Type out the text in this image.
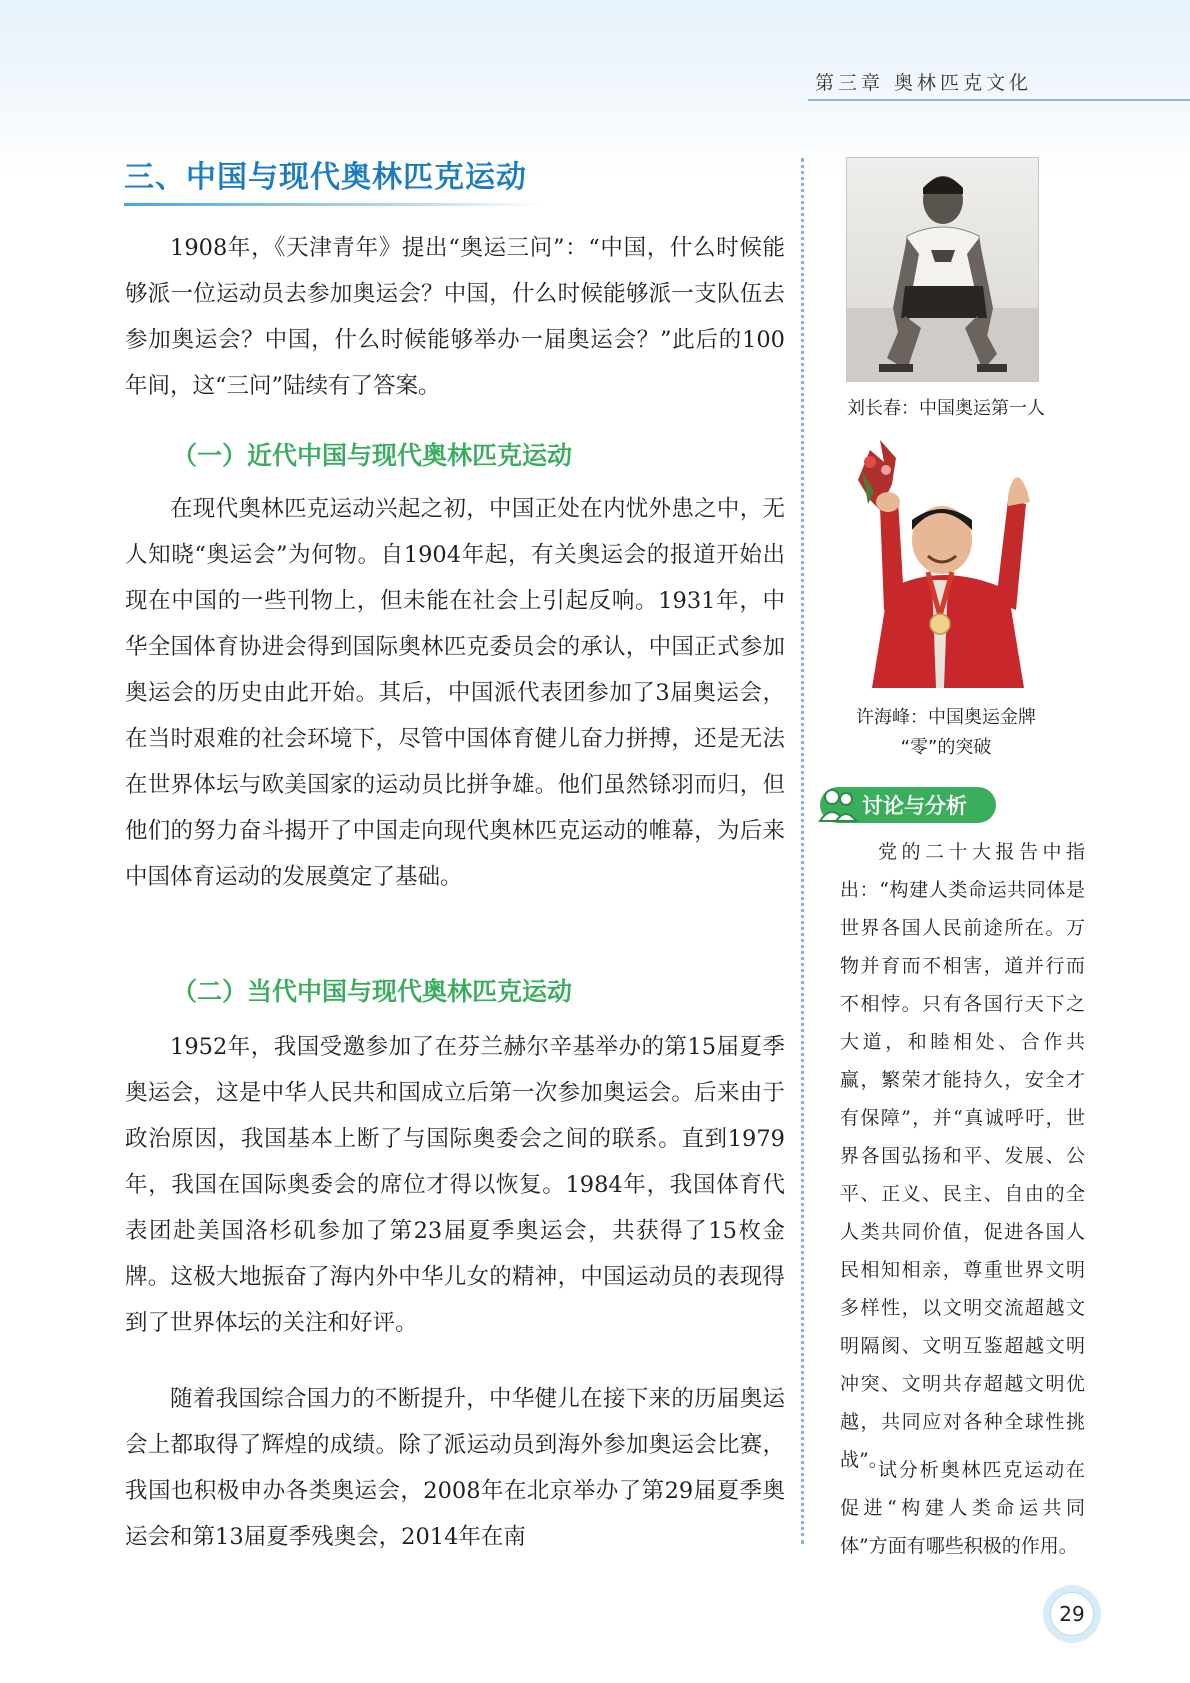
第三章 奥林匹克文化
三、中国与现代奥林匹克运动

1908年，《天津青年》提出“奥运三问”：“中国，什么时候能够派一位运动员去参加奥运会？中国，什么时候能够派一支队伍去参加奥运会？中国，什么时候能够举办一届奥运会？”此后的100年间，这“三问”陆续有了答案。

（一）近代中国与现代奥林匹克运动

在现代奥林匹克运动兴起之初，中国正处在内忧外患之中，无人知晓“奥运会”为何物。自1904年起，有关奥运会的报道开始出现在中国的一些刊物上，但未能在社会上引起反响。1931年，中华全国体育协进会得到国际奥林匹克委员会的承认，中国正式参加奥运会的历史由此开始。其后，中国派代表团参加了3届奥运会，在当时艰难的社会环境下，尽管中国体育健儿奋力拼搏，还是无法在世界体坛与欧美国家的运动员比拼争雄。他们虽然铩羽而归，但他们的努力奋斗揭开了中国走向现代奥林匹克运动的帷幕，为后来中国体育运动的发展奠定了基础。

（二）当代中国与现代奥林匹克运动

1952年，我国受邀参加了在芬兰赫尔辛基举办的第15届夏季奥运会，这是中华人民共和国成立后第一次参加奥运会。后来由于政治原因，我国基本上断了与国际奥委会之间的联系。直到1979年，我国在国际奥委会的席位才得以恢复。1984年，我国体育代表团赴美国洛杉矶参加了第23届夏季奥运会，共获得了15枚金牌。这极大地振奋了海内外中华儿女的精神，中国运动员的表现得到了世界体坛的关注和好评。

随着我国综合国力的不断提升，中华健儿在接下来的历届奥运会上都取得了辉煌的成绩。除了派运动员到海外参加奥运会比赛，我国也积极申办各类奥运会，2008年在北京举办了第29届夏季奥运会和第13届夏季残奥会，2014年在南

刘长春：中国奥运第一人
许海峰：中国奥运金牌
“零”的突破
讨论与分析

党的二十大报告中指出：“构建人类命运共同体是世界各国人民前途所在。万物并育而不相害，道并行而不相悖。只有各国行天下之大道，和睦相处、合作共赢，繁荣才能持久，安全才有保障”，并“真诚呼吁，世界各国弘扬和平、发展、公平、正义、民主、自由的全人类共同价值，促进各国人民相知相亲，尊重世界文明多样性，以文明交流超越文明隔阂、文明互鉴超越文明冲突、文明共存超越文明优越，共同应对各种全球性挑战”。

试分析奥林匹克运动在促进“构建人类命运共同体”方面有哪些积极的作用。

29
